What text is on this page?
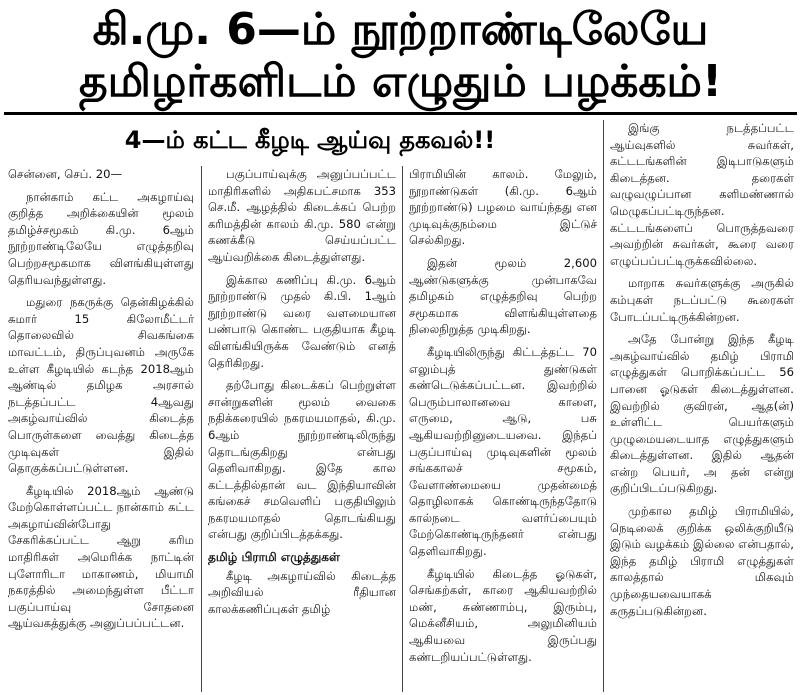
கி.மு. 6—ம் நூற்றாண்டிலேயே
தமிழர்களிடம் எழுதும் பழக்கம்!
4—ம் கட்ட கீழடி ஆய்வு தகவல்!!

சென்னை, செப். 20—

நான்காம் கட்ட அகழாய்வு குறித்த அறிக்கையின் மூலம் தமிழ்ச்சமூகம் கி.மு. 6ஆம் நூற்றாண்டிலேயே எழுத்தறிவு பெற்றசமூகமாக விளங்கியுள்ளது தெரியவந்துள்ளது.

மதுரை நகருக்கு தென்கிழக்கில் சுமார் 15 கிலோமீட்டர் தொலைவில் சிவகங்கை மாவட்டம், திருப்புவனம் அருகே உள்ள கீழடியில் கடந்த 2018ஆம் ஆண்டில் தமிழக அரசால் நடத்தப்பட்ட 4ஆவது அகழ்வாய்வில் கிடைத்த பொருள்களை வைத்து கிடைத்த முடிவுகள் இதில் தொகுக்கப்பட்டுள்ளன.

கீழடியில் 2018ஆம் ஆண்டு மேற்கொள்ளப்பட்ட நான்காம் கட்ட அகழாய்வின்போது சேகரிக்கப்பட்ட ஆறு கரிம மாதிரிகள் அமெரிக்க நாட்டின் புளோரிடா மாகாணம், மியாமி நகரத்தில் அமைந்துள்ள பீட்டா பகுப்பாய்வு சோதனை ஆய்வகத்துக்கு அனுப்பப்பட்டன.

பகுப்பாய்வுக்கு அனுப்பப்பட்ட மாதிரிகளில் அதிகபட்சமாக 353 செ.மீ. ஆழத்தில் கிடைக்கப் பெற்ற கரிமத்தின் காலம் கி.மு. 580 என்று கணக்கீடு செய்யப்பட்ட ஆய்வறிக்கை கிடைத்துள்ளது.

இக்கால கணிப்பு கி.மு. 6ஆம் நூற்றாண்டு முதல் கி.பி. 1ஆம் நூற்றாண்டு வரை வளமையான பண்பாடு கொண்ட பகுதியாக கீழடி விளங்கியிருக்க வேண்டும் எனத் தெரிகிறது.

தற்போது கிடைக்கப் பெற்றுள்ள சான்றுகளின் மூலம் வைகை நதிக்கரையில் நகரமயமாதல், கி.மு. 6ஆம் நூற்றாண்டிலிருந்து தொடங்குகிறது என்பது தெளிவாகிறது. இதே கால கட்டத்தில்தான் வட இந்தியாவின் கங்கைச் சமவெளிப் பகுதியிலும் நகரமயமாதல் தொடங்கியது என்பது குறிப்பிடத்தக்கது.

தமிழ் பிராமி எழுத்துகள்

கீழடி அகழாய்வில் கிடைத்த அறிவியல் ரீதியான காலக்கணிப்புகள் தமிழ்

பிராமியின் காலம். மேலும், நூறாண்டுகள் (கி.மு. 6ஆம் நூற்றாண்டு) பழமை வாய்ந்தது என முடிவுக்குநம்மை இட்டுச் செல்கிறது.

இதன் மூலம் 2,600 ஆண்டுகளுக்கு முன்பாகவே தமிழகம் எழுத்தறிவு பெற்ற சமூகமாக விளங்கியுள்ளதை நிலைநிறுத்த முடிகிறது.

கீழடியிலிருந்து கிட்டத்தட்ட 70 எலும்புத் துண்டுகள் கண்டெடுக்கப்பட்டன. இவற்றில் பெரும்பாலானவை காளை, எருமை, ஆடு, பசு ஆகியவற்றினுடையவை. இந்தப் பகுப்பாய்வு முடிவுகளின் மூலம் சங்ககாலச் சமூகம், வேளாண்மையை முதன்மைத் தொழிலாகக் கொண்டிருந்ததோடு கால்நடை வளர்ப்பையும் மேற்கொண்டிருந்தனர் என்பது தெளிவாகிறது.

கீழடியில் கிடைத்த ஓடுகள், செங்கற்கள், காரை ஆகியவற்றில் மண், சுண்ணாம்பு, இரும்பு, மெக்னீசியம், அலுமினியம் ஆகியவை இருப்பது கண்டறியப்பட்டுள்ளது.

இங்கு நடத்தப்பட்ட ஆய்வுகளில் சுவர்கள், கட்டடங்களின் இடிபாடுகளும் கிடைத்தன. தரைகள் வழுவழுப்பான களிமண்ணால் மெழுகப்பட்டிருந்தன. கட்டடங்களைப் பொருத்தவரை அவற்றின் சுவர்கள், கூரை வரை எழுப்பப்பட்டிருக்கவில்லை.

மாறாக சுவர்களுக்கு அருகில் கம்புகள் நடப்பட்டு கூரைகள் போடப்பட்டிருக்கின்றன.

அதே போன்று இந்த கீழடி அகழ்வாய்வில் தமிழ் பிராமி எழுத்துகள் பொறிக்கப்பட்ட 56 பானை ஓடுகள் கிடைத்துள்ளன. இவற்றில் குவிரன், ஆத(ன்) உள்ளிட்ட பெயர்களும் முழுமையடையாத எழுத்துகளும் கிடைத்துள்ளன. இதில் ஆதன் என்ற பெயர், அ தன் என்று குறிப்பிடப்படுகிறது.

முற்கால தமிழ் பிராமியில், நெடிலைக் குறிக்க ஒலிக்குறியீடு இடும் வழக்கம் இல்லை என்பதால், இந்த தமிழ் பிராமி எழுத்துகள் காலத்தால் மிகவும் முந்தையவையாகக் கருதப்படுகின்றன.
